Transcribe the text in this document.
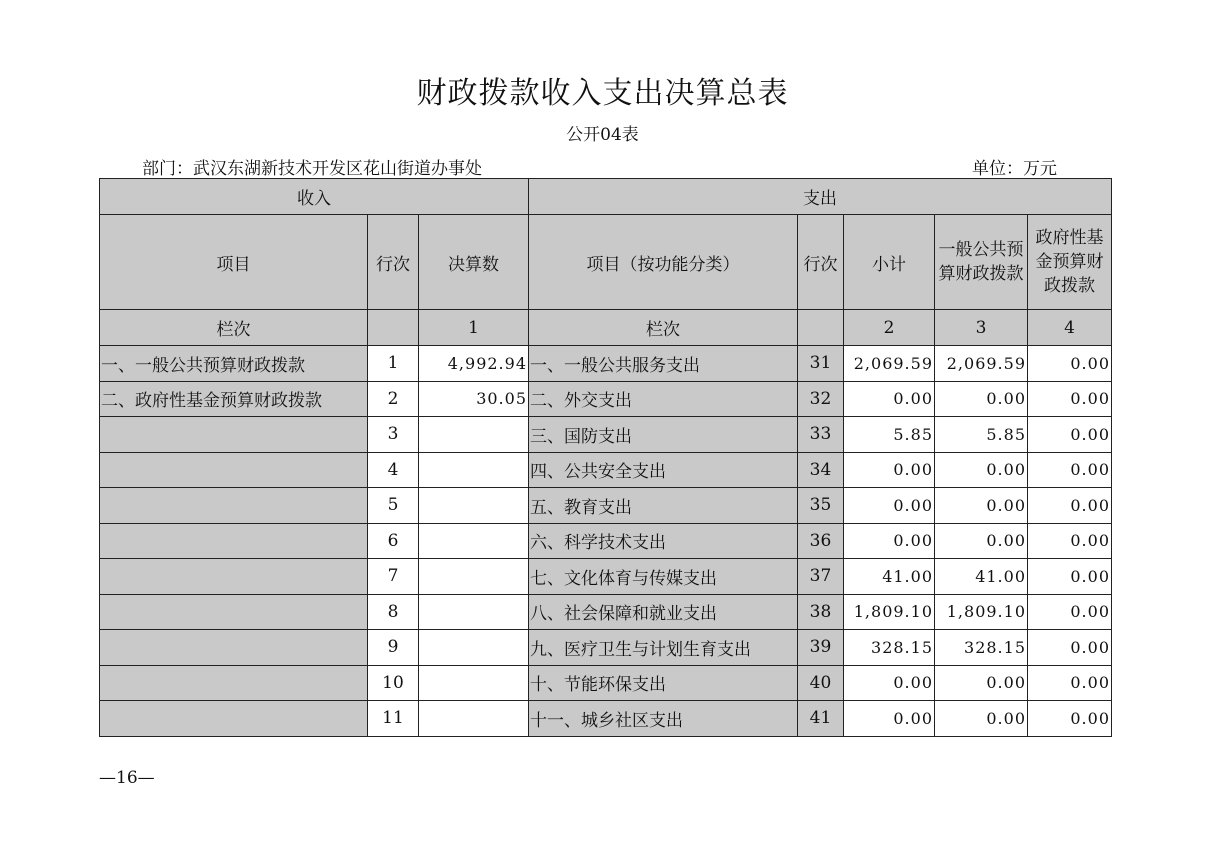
财政拨款收入支出决算总表
公开04表
部门：武汉东湖新技术开发区花山街道办事处	单位：万元
收入			支出				
项目	行次	决算数	项目（按功能分类）	行次	小计	一般公共预算财政拨款	政府性基金预算财政拨款
栏次		1	栏次		2	3	4
一、一般公共预算财政拨款	1	4,992.94	一、一般公共服务支出	31	2,069.59	2,069.59	0.00
二、政府性基金预算财政拨款	2	30.05	二、外交支出	32	0.00	0.00	0.00
	3		三、国防支出	33	5.85	5.85	0.00
	4		四、公共安全支出	34	0.00	0.00	0.00
	5		五、教育支出	35	0.00	0.00	0.00
	6		六、科学技术支出	36	0.00	0.00	0.00
	7		七、文化体育与传媒支出	37	41.00	41.00	0.00
	8		八、社会保障和就业支出	38	1,809.10	1,809.10	0.00
	9		九、医疗卫生与计划生育支出	39	328.15	328.15	0.00
	10		十、节能环保支出	40	0.00	0.00	0.00
	11		十一、城乡社区支出	41	0.00	0.00	0.00
—16—
